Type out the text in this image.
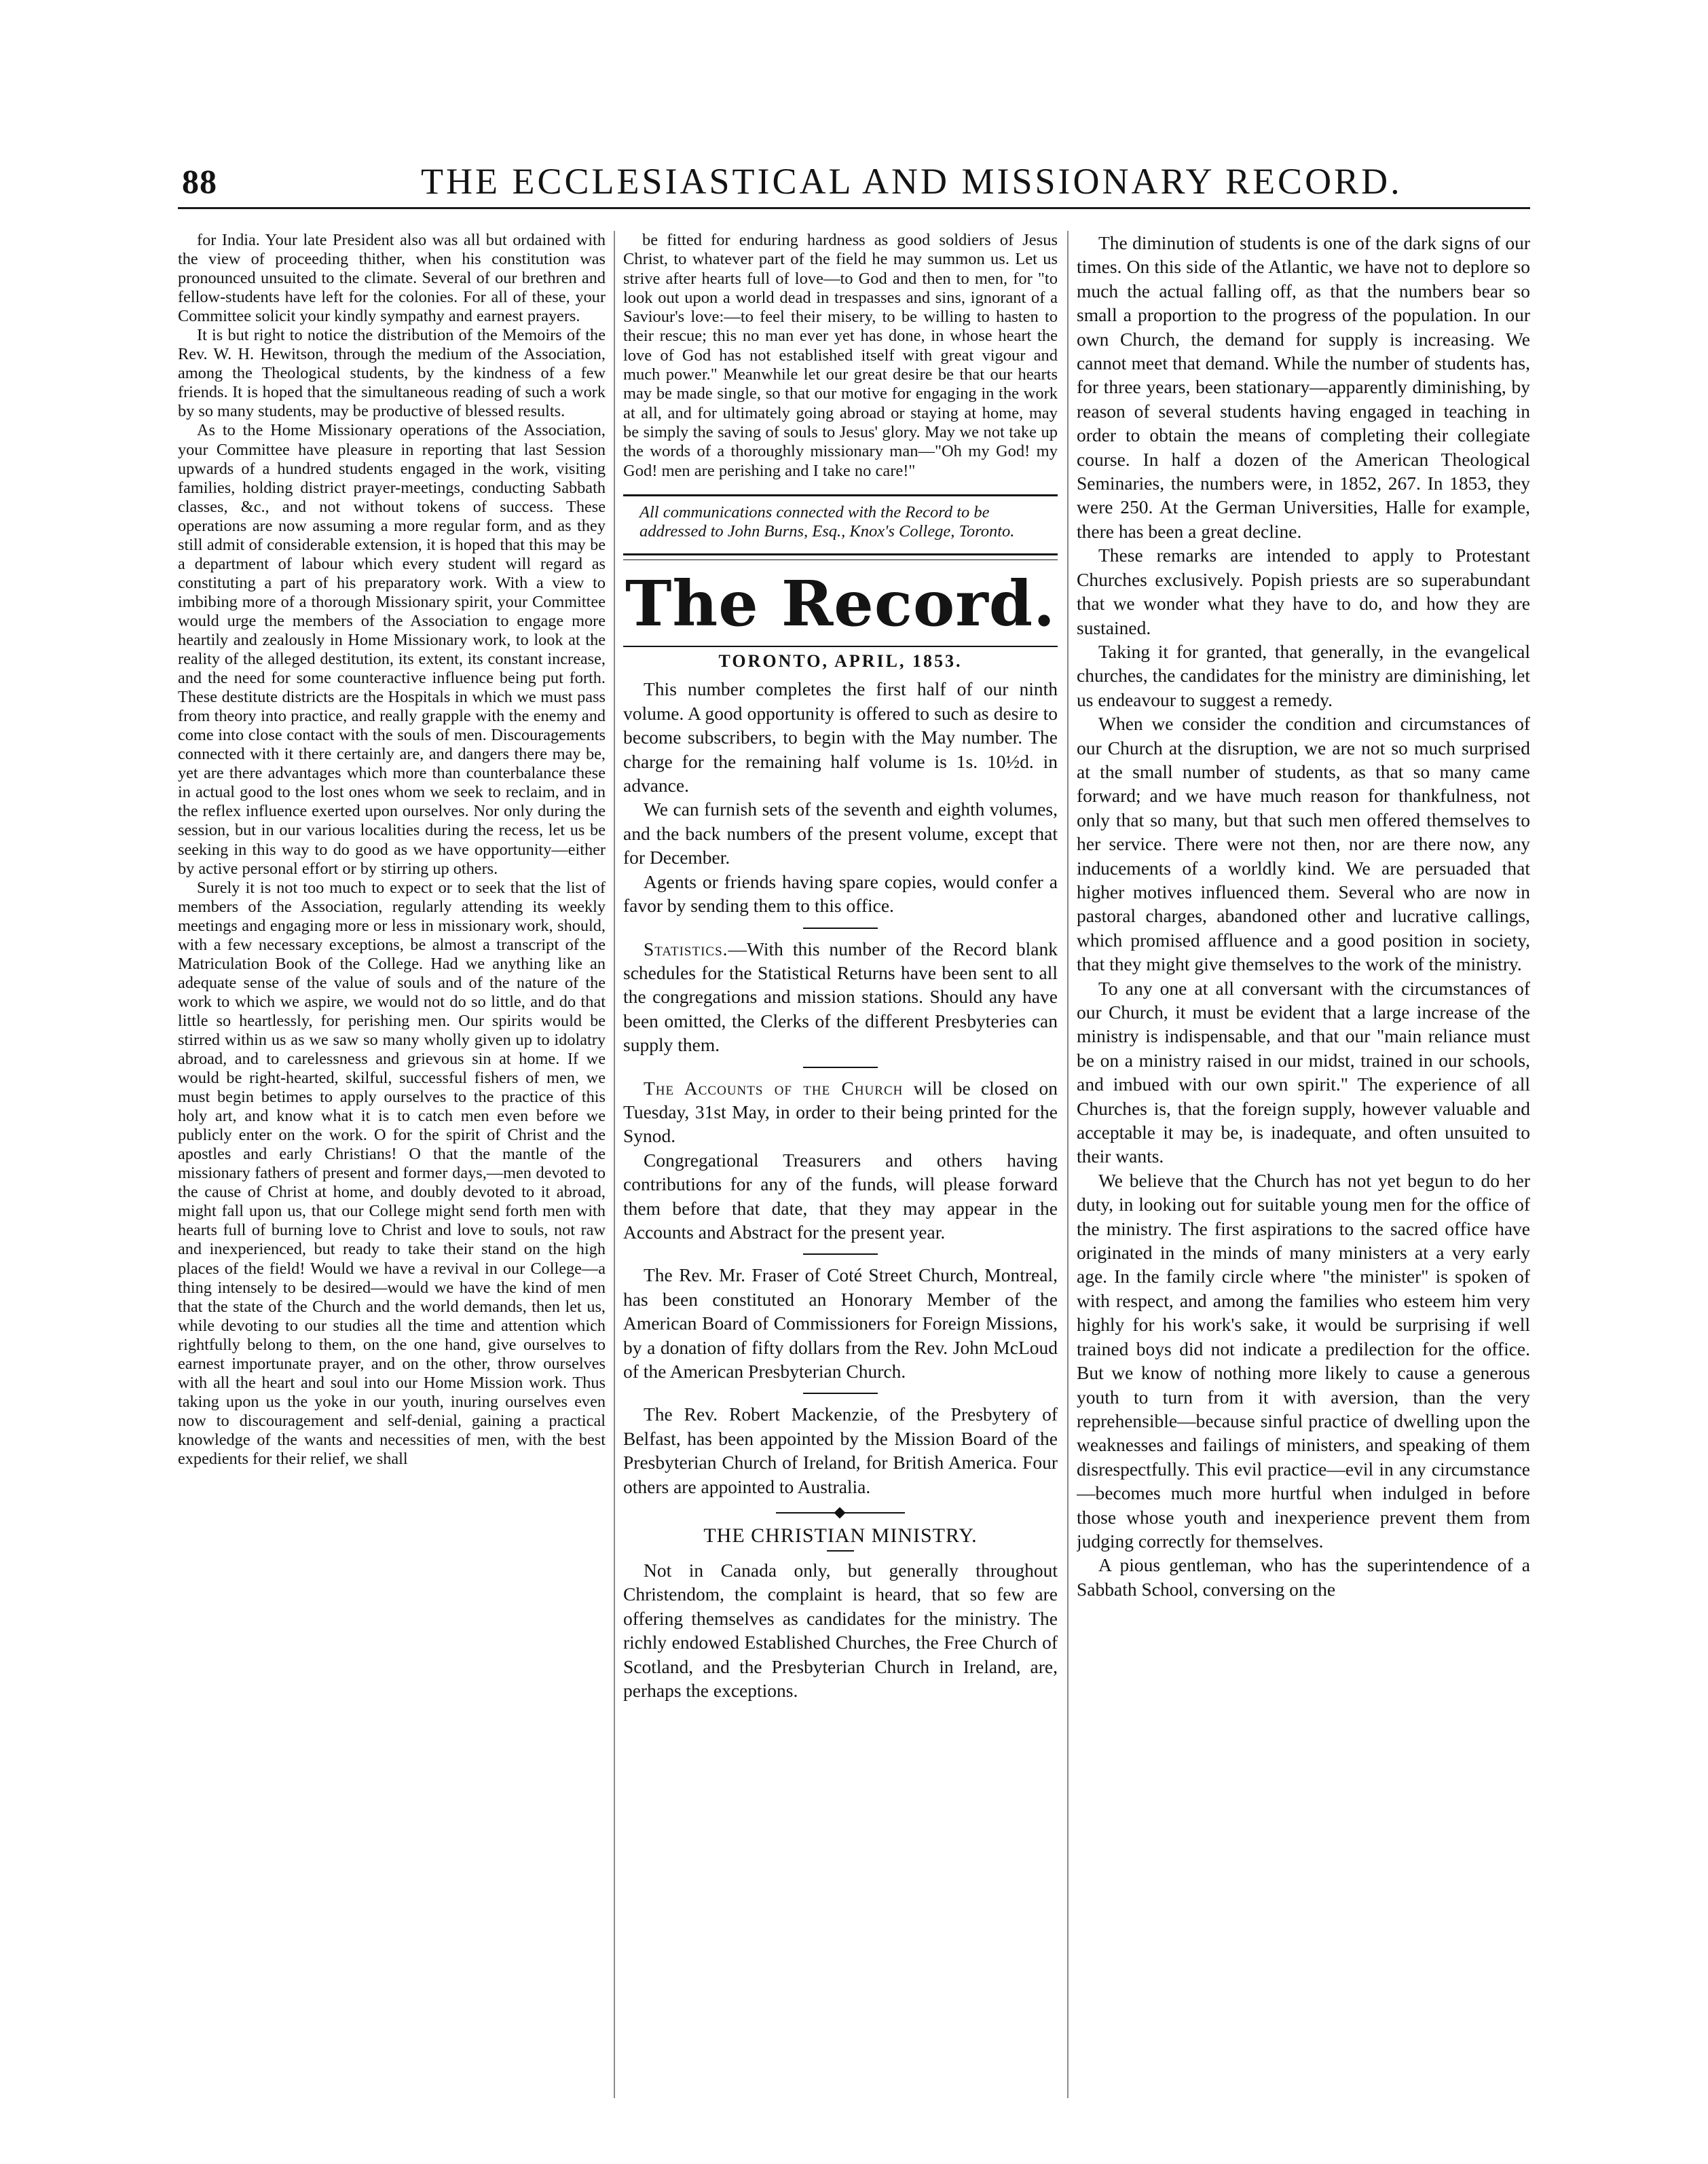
88	THE ECCLESIASTICAL AND MISSIONARY RECORD.
for India. Your late President also was all but ordained with the view of proceeding thither, when his constitution was pronounced unsuited to the climate. Several of our brethren and fellow-students have left for the colonies. For all of these, your Committee solicit your kindly sympathy and earnest prayers.
It is but right to notice the distribution of the Memoirs of the Rev. W. H. Hewitson, through the medium of the Association, among the Theological students, by the kindness of a few friends. It is hoped that the simultaneous reading of such a work by so many students, may be productive of blessed results.
As to the Home Missionary operations of the Association, your Committee have pleasure in reporting that last Session upwards of a hundred students engaged in the work, visiting families, holding district prayer-meetings, conducting Sabbath classes, &c., and not without tokens of success. These operations are now assuming a more regular form, and as they still admit of considerable extension, it is hoped that this may be a department of labour which every student will regard as constituting a part of his preparatory work. With a view to imbibing more of a thorough Missionary spirit, your Committee would urge the members of the Association to engage more heartily and zealously in Home Missionary work, to look at the reality of the alleged destitution, its extent, its constant increase, and the need for some counteractive influence being put forth. These destitute districts are the Hospitals in which we must pass from theory into practice, and really grapple with the enemy and come into close contact with the souls of men. Discouragements connected with it there certainly are, and dangers there may be, yet are there advantages which more than counterbalance these in actual good to the lost ones whom we seek to reclaim, and in the reflex influence exerted upon ourselves. Nor only during the session, but in our various localities during the recess, let us be seeking in this way to do good as we have opportunity—either by active personal effort or by stirring up others.
Surely it is not too much to expect or to seek that the list of members of the Association, regularly attending its weekly meetings and engaging more or less in missionary work, should, with a few necessary exceptions, be almost a transcript of the Matriculation Book of the College. Had we anything like an adequate sense of the value of souls and of the nature of the work to which we aspire, we would not do so little, and do that little so heartlessly, for perishing men. Our spirits would be stirred within us as we saw so many wholly given up to idolatry abroad, and to carelessness and grievous sin at home. If we would be right-hearted, skilful, successful fishers of men, we must begin betimes to apply ourselves to the practice of this holy art, and know what it is to catch men even before we publicly enter on the work. O for the spirit of Christ and the apostles and early Christians! O that the mantle of the missionary fathers of present and former days,—men devoted to the cause of Christ at home, and doubly devoted to it abroad, might fall upon us, that our College might send forth men with hearts full of burning love to Christ and love to souls, not raw and inexperienced, but ready to take their stand on the high places of the field! Would we have a revival in our College—a thing intensely to be desired—would we have the kind of men that the state of the Church and the world demands, then let us, while devoting to our studies all the time and attention which rightfully belong to them, on the one hand, give ourselves to earnest importunate prayer, and on the other, throw ourselves with all the heart and soul into our Home Mission work. Thus taking upon us the yoke in our youth, inuring ourselves even now to discouragement and self-denial, gaining a practical knowledge of the wants and necessities of men, with the best expedients for their relief, we shall
be fitted for enduring hardness as good soldiers of Jesus Christ, to whatever part of the field he may summon us. Let us strive after hearts full of love—to God and then to men, for "to look out upon a world dead in trespasses and sins, ignorant of a Saviour's love:—to feel their misery, to be willing to hasten to their rescue; this no man ever yet has done, in whose heart the love of God has not established itself with great vigour and much power." Meanwhile let our great desire be that our hearts may be made single, so that our motive for engaging in the work at all, and for ultimately going abroad or staying at home, may be simply the saving of souls to Jesus' glory. May we not take up the words of a thoroughly missionary man—"Oh my God! my God! men are perishing and I take no care!"
All communications connected with the Record to be addressed to John Burns, Esq., Knox's College, Toronto.
The Record.
TORONTO, APRIL, 1853.
This number completes the first half of our ninth volume. A good opportunity is offered to such as desire to become subscribers, to begin with the May number. The charge for the remaining half volume is 1s. 10½d. in advance.
We can furnish sets of the seventh and eighth volumes, and the back numbers of the present volume, except that for December.
Agents or friends having spare copies, would confer a favor by sending them to this office.
Statistics.—With this number of the Record blank schedules for the Statistical Returns have been sent to all the congregations and mission stations. Should any have been omitted, the Clerks of the different Presbyteries can supply them.
The Accounts of the Church will be closed on Tuesday, 31st May, in order to their being printed for the Synod.
Congregational Treasurers and others having contributions for any of the funds, will please forward them before that date, that they may appear in the Accounts and Abstract for the present year.
The Rev. Mr. Fraser of Coté Street Church, Montreal, has been constituted an Honorary Member of the American Board of Commissioners for Foreign Missions, by a donation of fifty dollars from the Rev. John McLoud of the American Presbyterian Church.
The Rev. Robert Mackenzie, of the Presbytery of Belfast, has been appointed by the Mission Board of the Presbyterian Church of Ireland, for British America. Four others are appointed to Australia.
THE CHRISTIAN MINISTRY.
Not in Canada only, but generally throughout Christendom, the complaint is heard, that so few are offering themselves as candidates for the ministry. The richly endowed Established Churches, the Free Church of Scotland, and the Presbyterian Church in Ireland, are, perhaps the exceptions.
The diminution of students is one of the dark signs of our times. On this side of the Atlantic, we have not to deplore so much the actual falling off, as that the numbers bear so small a proportion to the progress of the population. In our own Church, the demand for supply is increasing. We cannot meet that demand. While the number of students has, for three years, been stationary—apparently diminishing, by reason of several students having engaged in teaching in order to obtain the means of completing their collegiate course. In half a dozen of the American Theological Seminaries, the numbers were, in 1852, 267. In 1853, they were 250. At the German Universities, Halle for example, there has been a great decline.
These remarks are intended to apply to Protestant Churches exclusively. Popish priests are so superabundant that we wonder what they have to do, and how they are sustained.
Taking it for granted, that generally, in the evangelical churches, the candidates for the ministry are diminishing, let us endeavour to suggest a remedy.
When we consider the condition and circumstances of our Church at the disruption, we are not so much surprised at the small number of students, as that so many came forward; and we have much reason for thankfulness, not only that so many, but that such men offered themselves to her service. There were not then, nor are there now, any inducements of a worldly kind. We are persuaded that higher motives influenced them. Several who are now in pastoral charges, abandoned other and lucrative callings, which promised affluence and a good position in society, that they might give themselves to the work of the ministry.
To any one at all conversant with the circumstances of our Church, it must be evident that a large increase of the ministry is indispensable, and that our "main reliance must be on a ministry raised in our midst, trained in our schools, and imbued with our own spirit." The experience of all Churches is, that the foreign supply, however valuable and acceptable it may be, is inadequate, and often unsuited to their wants.
We believe that the Church has not yet begun to do her duty, in looking out for suitable young men for the office of the ministry. The first aspirations to the sacred office have originated in the minds of many ministers at a very early age. In the family circle where "the minister" is spoken of with respect, and among the families who esteem him very highly for his work's sake, it would be surprising if well trained boys did not indicate a predilection for the office. But we know of nothing more likely to cause a generous youth to turn from it with aversion, than the very reprehensible—because sinful practice of dwelling upon the weaknesses and failings of ministers, and speaking of them disrespectfully. This evil practice—evil in any circumstance—becomes much more hurtful when indulged in before those whose youth and inexperience prevent them from judging correctly for themselves.
A pious gentleman, who has the superintendence of a Sabbath School, conversing on the
